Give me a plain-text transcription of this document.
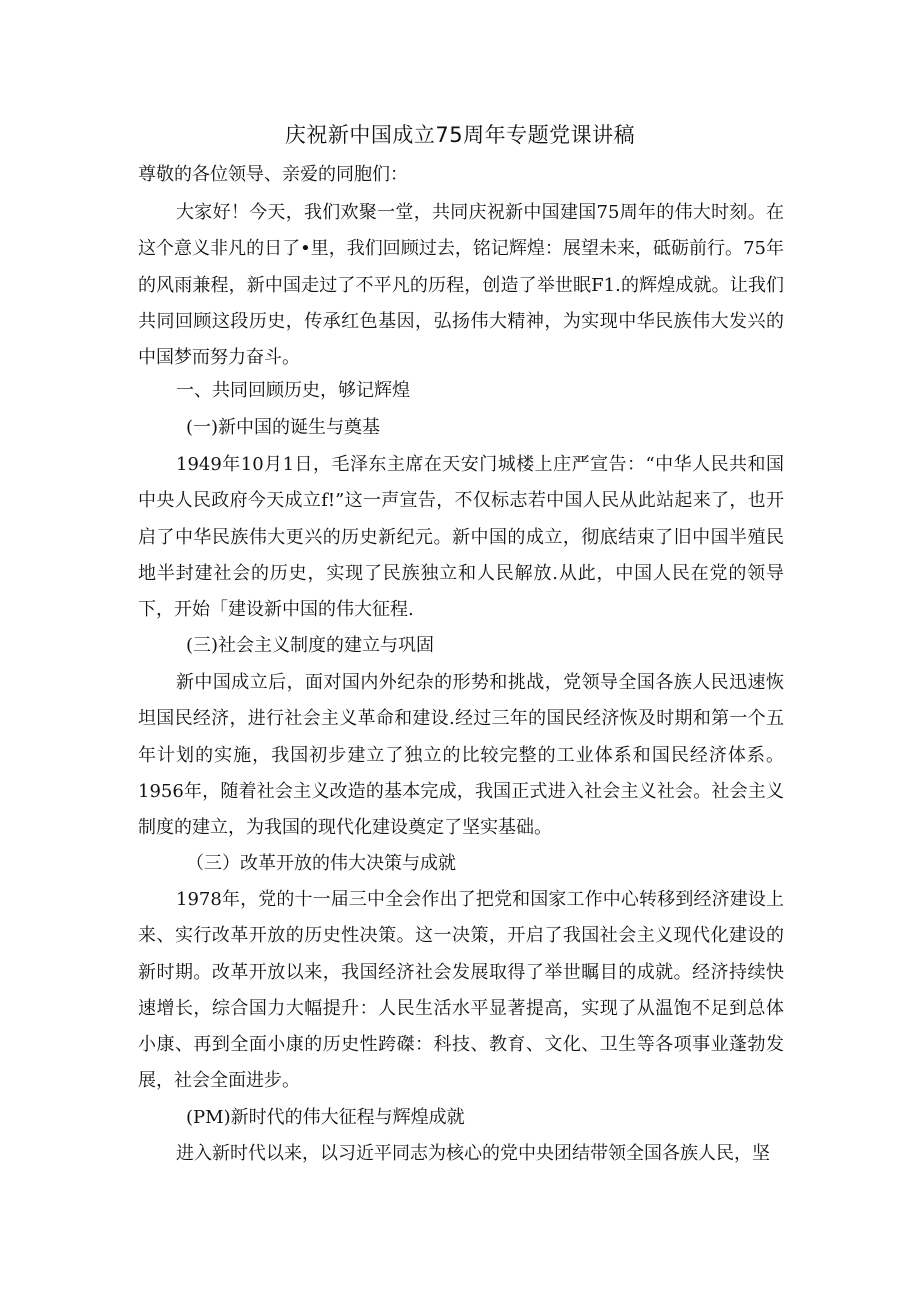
庆祝新中国成立75周年专题党课讲稿

尊敬的各位领导、亲爱的同胞们：

大家好！今天，我们欢聚一堂，共同庆祝新中国建国75周年的伟大时刻。在这个意义非凡的日了•里，我们回顾过去，铭记辉煌：展望未来，砥砺前行。75年的风雨兼程，新中国走过了不平凡的历程，创造了举世眠F1.的辉煌成就。让我们共同回顾这段历史，传承红色基因，弘扬伟大精神，为实现中华民族伟大发兴的中国梦而努力奋斗。

一、共同回顾历史，够记辉煌
(一)新中国的诞生与奠基

1949年10月1日，毛泽东主席在天安门城楼上庄严宣告：“中华人民共和国中央人民政府今天成立f!”这一声宣告，不仅标志若中国人民从此站起来了，也开启了中华民族伟大更兴的历史新纪元。新中国的成立，彻底结束了旧中国半殖民地半封建社会的历史，实现了民族独立和人民解放.从此，中国人民在党的领导下，开始「建设新中国的伟大征程.

(三)社会主义制度的建立与巩固

新中国成立后，面对国内外纪杂的形势和挑战，党领导全国各族人民迅速恢坦国民经济，进行社会主义革命和建设.经过三年的国民经济恢及时期和第一个五年计划的实施，我国初步建立了独立的比较完整的工业体系和国民经济体系。1956年，随着社会主义改造的基本完成，我国正式进入社会主义社会。社会主义制度的建立，为我国的现代化建设奠定了坚实基础。

（三）改革开放的伟大决策与成就

1978年，党的十一届三中全会作出了把党和国家工作中心转移到经济建设上来、实行改革开放的历史性决策。这一决策，开启了我国社会主义现代化建设的新时期。改革开放以来，我国经济社会发展取得了举世瞩目的成就。经济持续快速增长，综合国力大幅提升：人民生活水平显著提高，实现了从温饱不足到总体小康、再到全面小康的历史性跨磔：科技、教育、文化、卫生等各项事业蓬勃发展，社会全面进步。

(PM)新时代的伟大征程与辉煌成就

进入新时代以来，以习近平同志为核心的党中央团结带领全国各族人民，坚
